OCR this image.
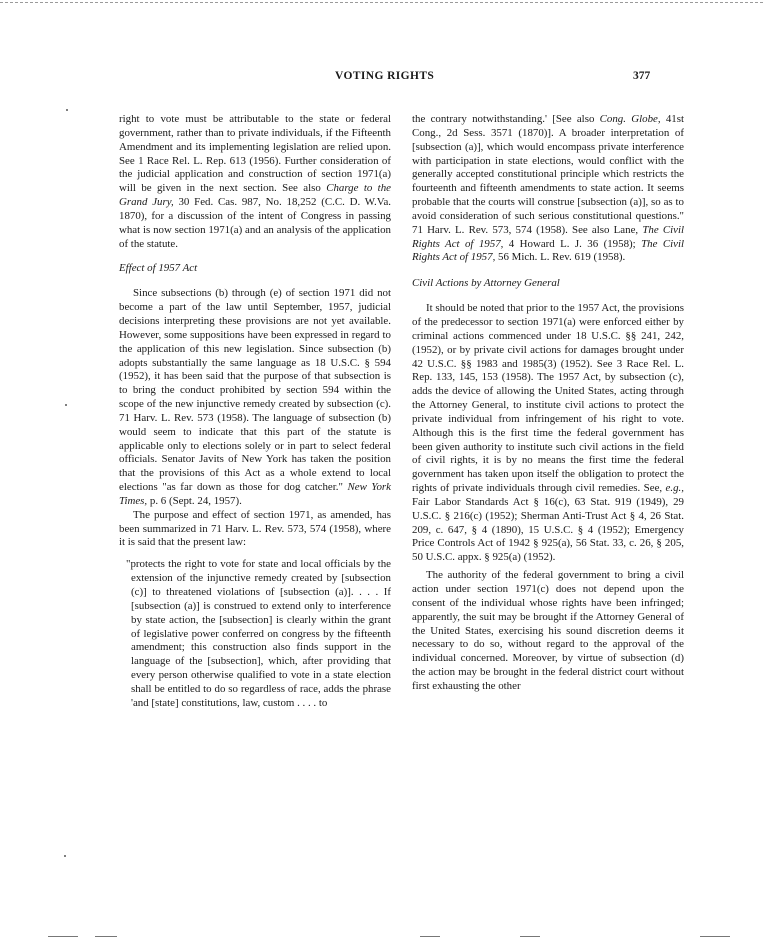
VOTING RIGHTS	377

right to vote must be attributable to the state or federal government, rather than to private individuals, if the Fifteenth Amendment and its implementing legislation are relied upon. See 1 Race Rel. L. Rep. 613 (1956). Further consideration of the judicial application and construction of section 1971(a) will be given in the next section. See also Charge to the Grand Jury, 30 Fed. Cas. 987, No. 18,252 (C.C. D. W.Va. 1870), for a discussion of the intent of Congress in passing what is now section 1971(a) and an analysis of the application of the statute.

Effect of 1957 Act

Since subsections (b) through (e) of section 1971 did not become a part of the law until September, 1957, judicial decisions interpreting these provisions are not yet available. However, some suppositions have been expressed in regard to the application of this new legislation. Since subsection (b) adopts substantially the same language as 18 U.S.C. § 594 (1952), it has been said that the purpose of that subsection is to bring the conduct prohibited by section 594 within the scope of the new injunctive remedy created by subsection (c). 71 Harv. L. Rev. 573 (1958). The language of subsection (b) would seem to indicate that this part of the statute is applicable only to elections solely or in part to select federal officials. Senator Javits of New York has taken the position that the provisions of this Act as a whole extend to local elections "as far down as those for dog catcher." New York Times, p. 6 (Sept. 24, 1957).

The purpose and effect of section 1971, as amended, has been summarized in 71 Harv. L. Rev. 573, 574 (1958), where it is said that the present law:

"protects the right to vote for state and local officials by the extension of the injunctive remedy created by [subsection (c)] to threatened violations of [subsection (a)]. . . . If [subsection (a)] is construed to extend only to interference by state action, the [subsection] is clearly within the grant of legislative power conferred on congress by the fifteenth amendment; this construction also finds support in the language of the [subsection], which, after providing that every person otherwise qualified to vote in a state election shall be entitled to do so regardless of race, adds the phrase 'and [state] constitutions, law, custom . . . . to

the contrary notwithstanding.' [See also Cong. Globe, 41st Cong., 2d Sess. 3571 (1870)]. A broader interpretation of [subsection (a)], which would encompass private interference with participation in state elections, would conflict with the generally accepted constitutional principle which restricts the fourteenth and fifteenth amendments to state action. It seems probable that the courts will construe [subsection (a)], so as to avoid consideration of such serious constitutional questions." 71 Harv. L. Rev. 573, 574 (1958). See also Lane, The Civil Rights Act of 1957, 4 Howard L. J. 36 (1958); The Civil Rights Act of 1957, 56 Mich. L. Rev. 619 (1958).

Civil Actions by Attorney General

It should be noted that prior to the 1957 Act, the provisions of the predecessor to section 1971(a) were enforced either by criminal actions commenced under 18 U.S.C. §§ 241, 242, (1952), or by private civil actions for damages brought under 42 U.S.C. §§ 1983 and 1985(3) (1952). See 3 Race Rel. L. Rep. 133, 145, 153 (1958). The 1957 Act, by subsection (c), adds the device of allowing the United States, acting through the Attorney General, to institute civil actions to protect the private individual from infringement of his right to vote. Although this is the first time the federal government has been given authority to institute such civil actions in the field of civil rights, it is by no means the first time the federal government has taken upon itself the obligation to protect the rights of private individuals through civil remedies. See, e.g., Fair Labor Standards Act § 16(c), 63 Stat. 919 (1949), 29 U.S.C. § 216(c) (1952); Sherman Anti-Trust Act § 4, 26 Stat. 209, c. 647, § 4 (1890), 15 U.S.C. § 4 (1952); Emergency Price Controls Act of 1942 § 925(a), 56 Stat. 33, c. 26, § 205, 50 U.S.C. appx. § 925(a) (1952).

The authority of the federal government to bring a civil action under section 1971(c) does not depend upon the consent of the individual whose rights have been infringed; apparently, the suit may be brought if the Attorney General of the United States, exercising his sound discretion deems it necessary to do so, without regard to the approval of the individual concerned. Moreover, by virtue of subsection (d) the action may be brought in the federal district court without first exhausting the other
